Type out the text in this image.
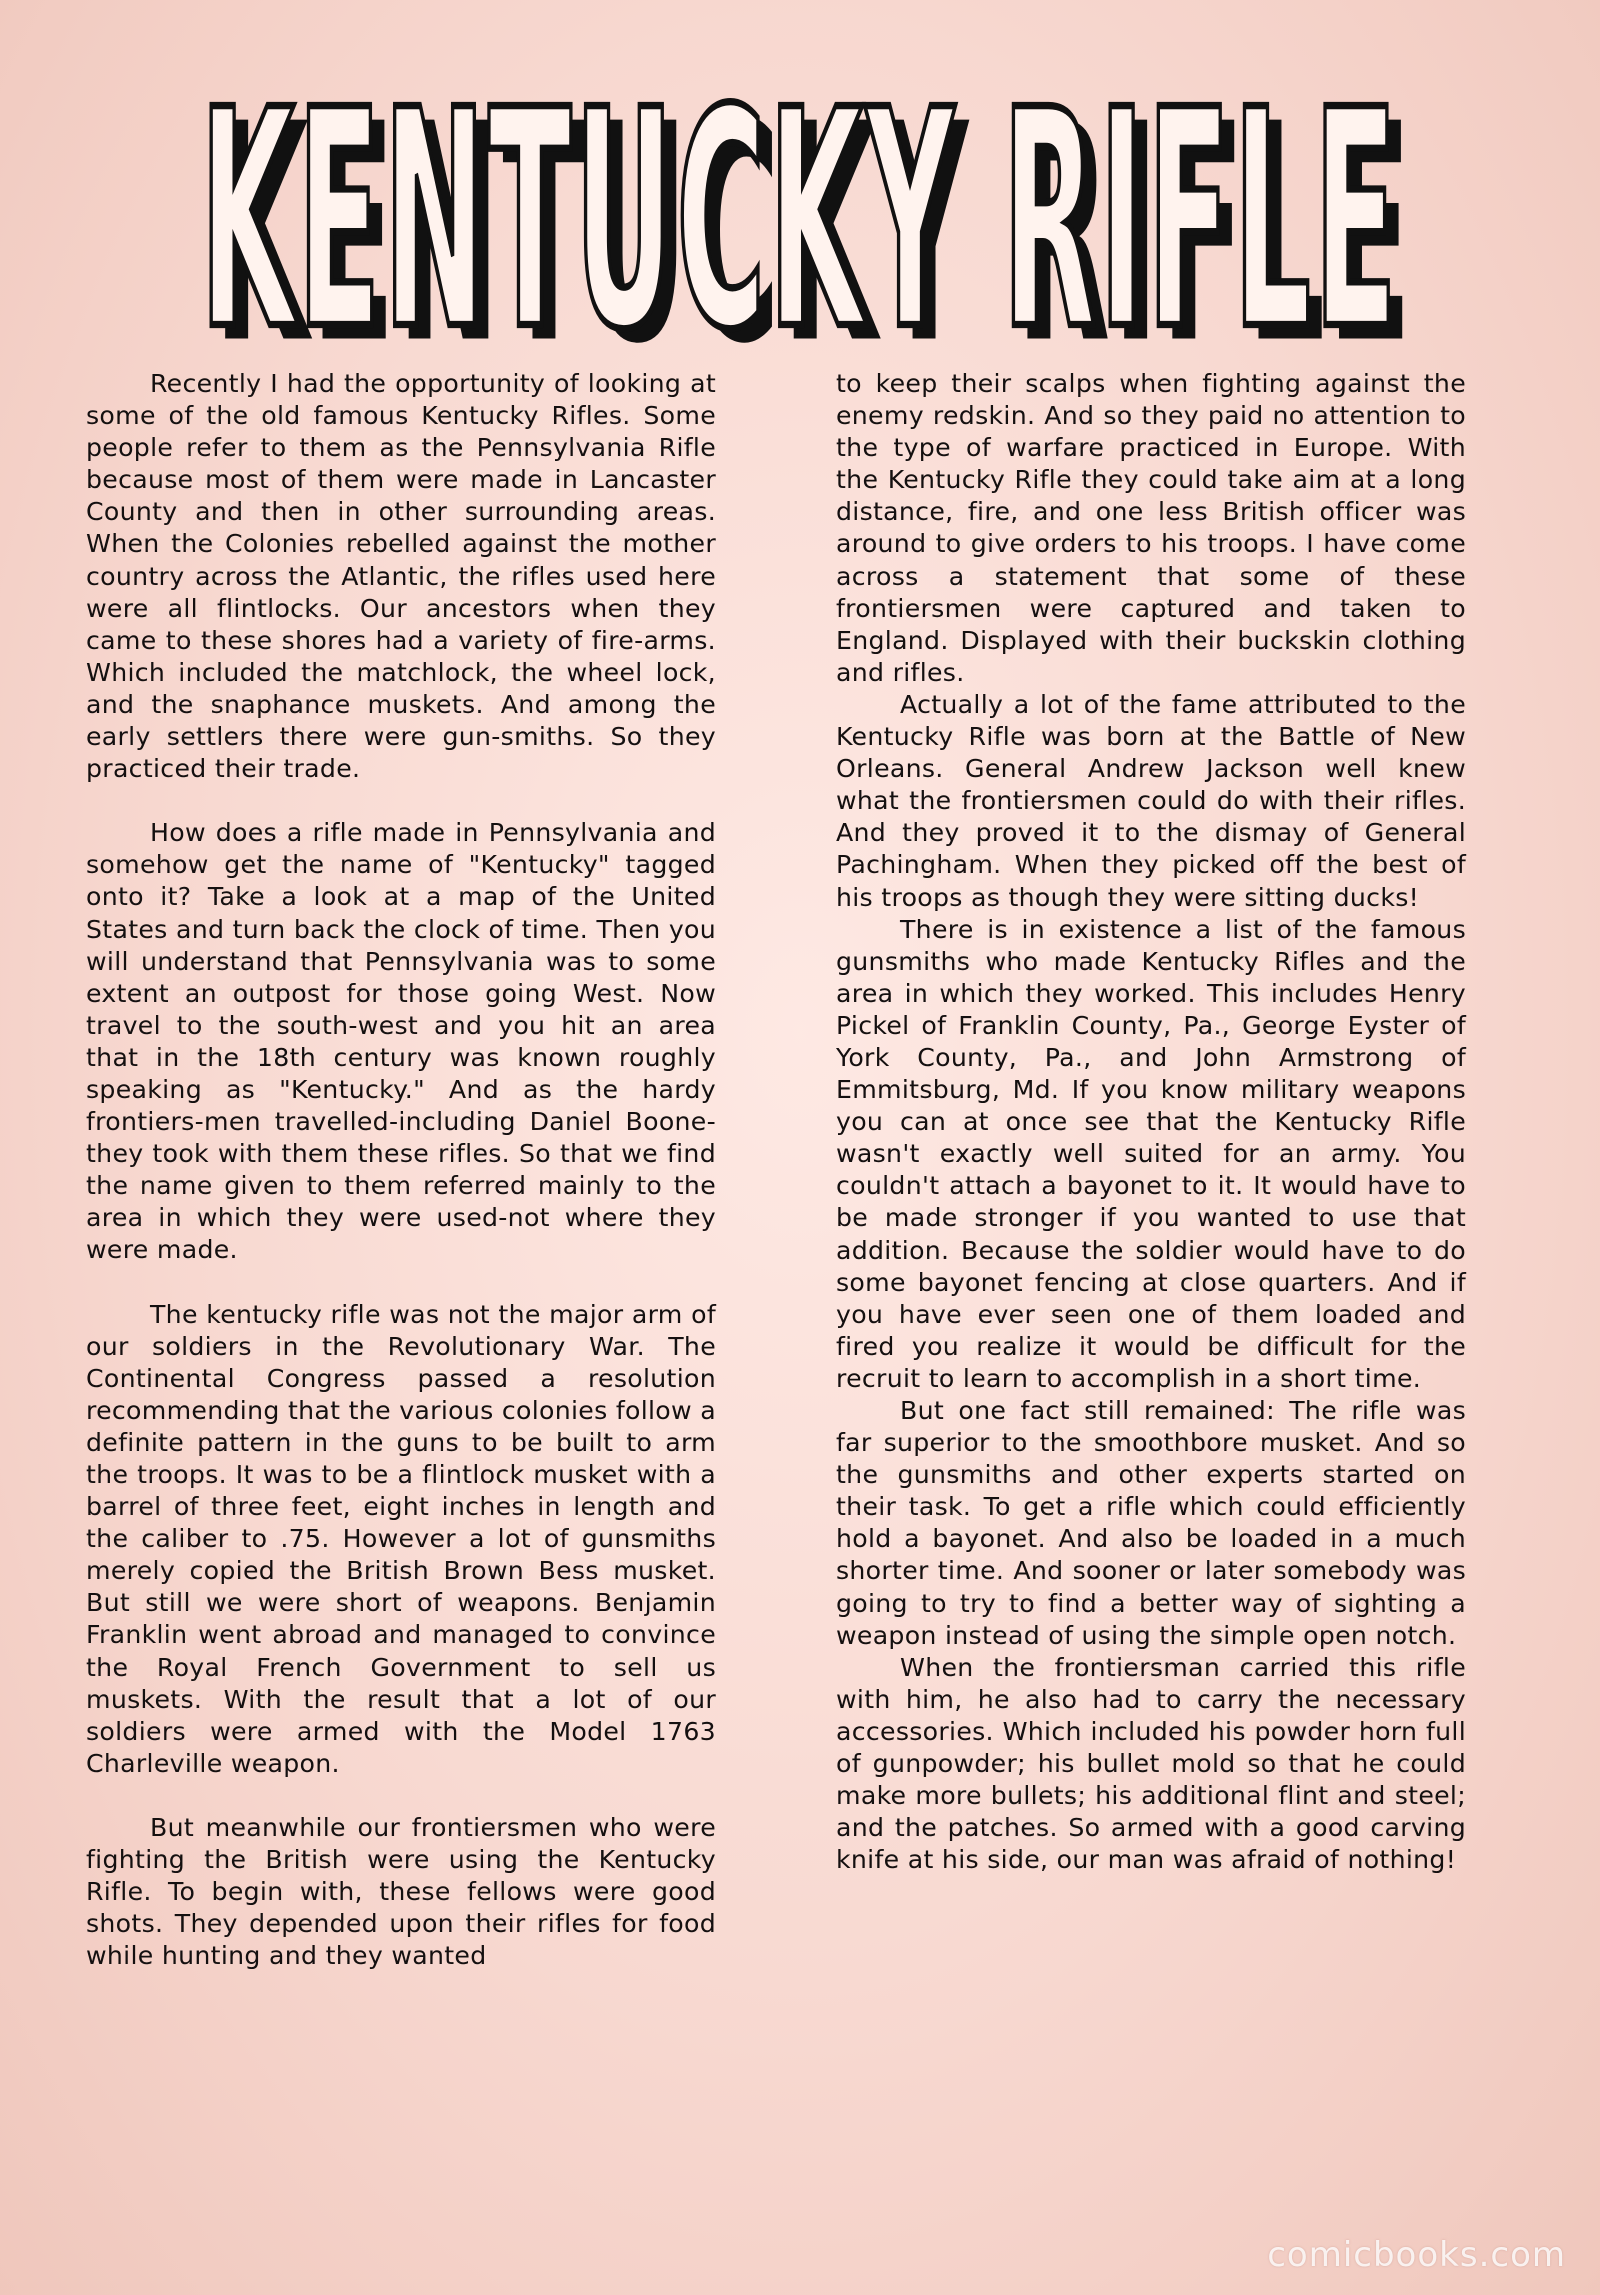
KENTUCKY RIFLE
KENTUCKY RIFLE

Recently I had the opportunity of looking at some of the old famous Kentucky Rifles. Some people refer to them as the Pennsylvania Rifle because most of them were made in Lancaster County and then in other surrounding areas. When the Colonies rebelled against the mother country across the Atlantic, the rifles used here were all flintlocks. Our ancestors when they came to these shores had a variety of fire-arms. Which included the matchlock, the wheel lock, and the snaphance muskets. And among the early settlers there were gun-smiths. So they practiced their trade.

How does a rifle made in Pennsylvania and somehow get the name of "Kentucky" tagged onto it? Take a look at a map of the United States and turn back the clock of time. Then you will understand that Pennsylvania was to some extent an outpost for those going West. Now travel to the south-west and you hit an area that in the 18th century was known roughly speaking as "Kentucky." And as the hardy frontiers-men travelled-including Daniel Boone-they took with them these rifles. So that we find the name given to them referred mainly to the area in which they were used-not where they were made.

The kentucky rifle was not the major arm of our soldiers in the Revolutionary War. The Continental Congress passed a resolution recommending that the various colonies follow a definite pattern in the guns to be built to arm the troops. It was to be a flintlock musket with a barrel of three feet, eight inches in length and the caliber to .75. However a lot of gunsmiths merely copied the British Brown Bess musket. But still we were short of weapons. Benjamin Franklin went abroad and managed to convince the Royal French Government to sell us muskets. With the result that a lot of our soldiers were armed with the Model 1763 Charleville weapon.

But meanwhile our frontiersmen who were fighting the British were using the Kentucky Rifle. To begin with, these fellows were good shots. They depended upon their rifles for food while hunting and they wanted

to keep their scalps when fighting against the enemy redskin. And so they paid no attention to the type of warfare practiced in Europe. With the Kentucky Rifle they could take aim at a long distance, fire, and one less British officer was around to give orders to his troops. I have come across a statement that some of these frontiersmen were captured and taken to England. Displayed with their buckskin clothing and rifles.

Actually a lot of the fame attributed to the Kentucky Rifle was born at the Battle of New Orleans. General Andrew Jackson well knew what the frontiersmen could do with their rifles. And they proved it to the dismay of General Pachingham. When they picked off the best of his troops as though they were sitting ducks!

There is in existence a list of the famous gunsmiths who made Kentucky Rifles and the area in which they worked. This includes Henry Pickel of Franklin County, Pa., George Eyster of York County, Pa., and John Armstrong of Emmitsburg, Md. If you know military weapons you can at once see that the Kentucky Rifle wasn't exactly well suited for an army. You couldn't attach a bayonet to it. It would have to be made stronger if you wanted to use that addition. Because the soldier would have to do some bayonet fencing at close quarters. And if you have ever seen one of them loaded and fired you realize it would be difficult for the recruit to learn to accomplish in a short time.

But one fact still remained: The rifle was far superior to the smoothbore musket. And so the gunsmiths and other experts started on their task. To get a rifle which could efficiently hold a bayonet. And also be loaded in a much shorter time. And sooner or later somebody was going to try to find a better way of sighting a weapon instead of using the simple open notch.

When the frontiersman carried this rifle with him, he also had to carry the necessary accessories. Which included his powder horn full of gunpowder; his bullet mold so that he could make more bullets; his additional flint and steel; and the patches. So armed with a good carving knife at his side, our man was afraid of nothing!

comicbooks.com
